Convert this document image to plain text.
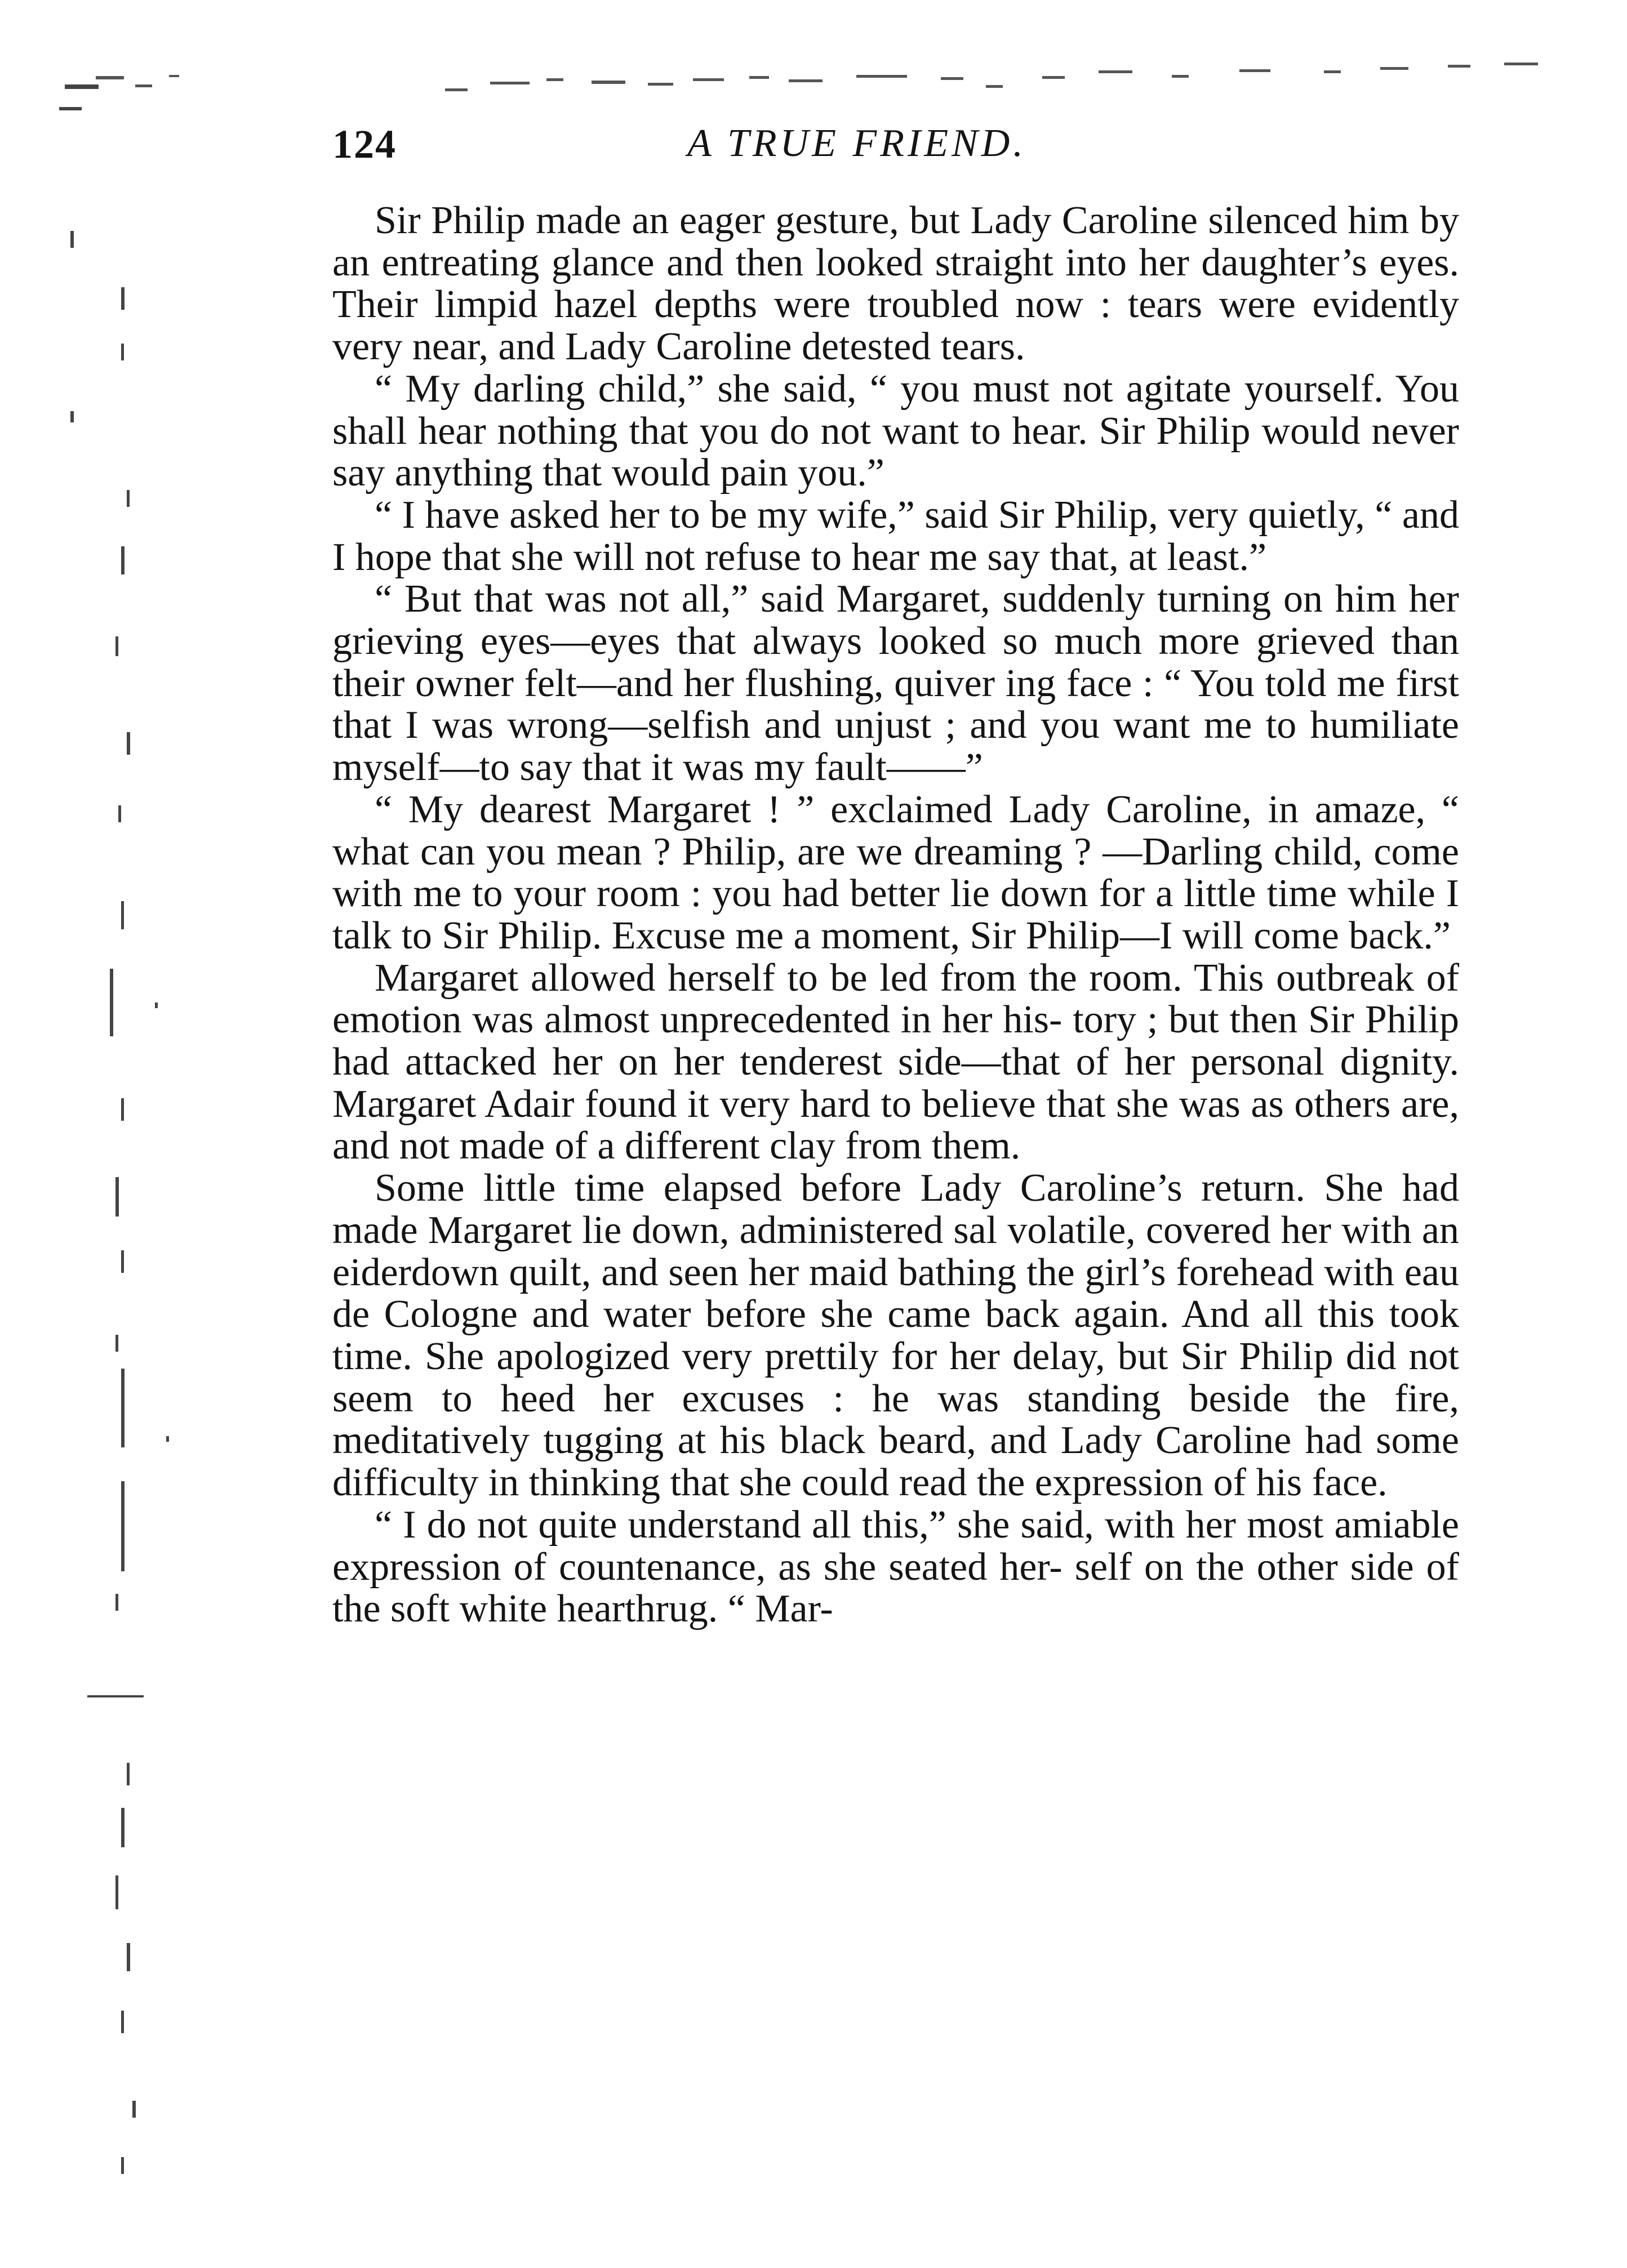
124	A TRUE FRIEND.

Sir Philip made an eager gesture, but Lady Caroline silenced him by an entreating glance and then looked straight into her daughter’s eyes. Their limpid hazel depths were troubled now : tears were evidently very near, and Lady Caroline detested tears.

“ My darling child,” she said, “ you must not agitate yourself. You shall hear nothing that you do not want to hear. Sir Philip would never say anything that would pain you.”

“ I have asked her to be my wife,” said Sir Philip, very quietly, “ and I hope that she will not refuse to hear me say that, at least.”

“ But that was not all,” said Margaret, suddenly turning on him her grieving eyes—eyes that always looked so much more grieved than their owner felt—and her flushing, quiver ing face : “ You told me first that I was wrong—selfish and unjust ; and you want me to humiliate myself—to say that it was my fault——”

“ My dearest Margaret ! ” exclaimed Lady Caroline, in amaze, “ what can you mean ? Philip, are we dreaming ? —Darling child, come with me to your room : you had better lie down for a little time while I talk to Sir Philip. Excuse me a moment, Sir Philip—I will come back.”

Margaret allowed herself to be led from the room. This outbreak of emotion was almost unprecedented in her his- tory ; but then Sir Philip had attacked her on her tenderest side—that of her personal dignity. Margaret Adair found it very hard to believe that she was as others are, and not made of a different clay from them.

Some little time elapsed before Lady Caroline’s return. She had made Margaret lie down, administered sal volatile, covered her with an eiderdown quilt, and seen her maid bathing the girl’s forehead with eau de Cologne and water before she came back again. And all this took time. She apologized very prettily for her delay, but Sir Philip did not seem to heed her excuses : he was standing beside the fire, meditatively tugging at his black beard, and Lady Caroline had some difficulty in thinking that she could read the expression of his face.

“ I do not quite understand all this,” she said, with her most amiable expression of countenance, as she seated her- self on the other side of the soft white hearthrug. “ Mar-
